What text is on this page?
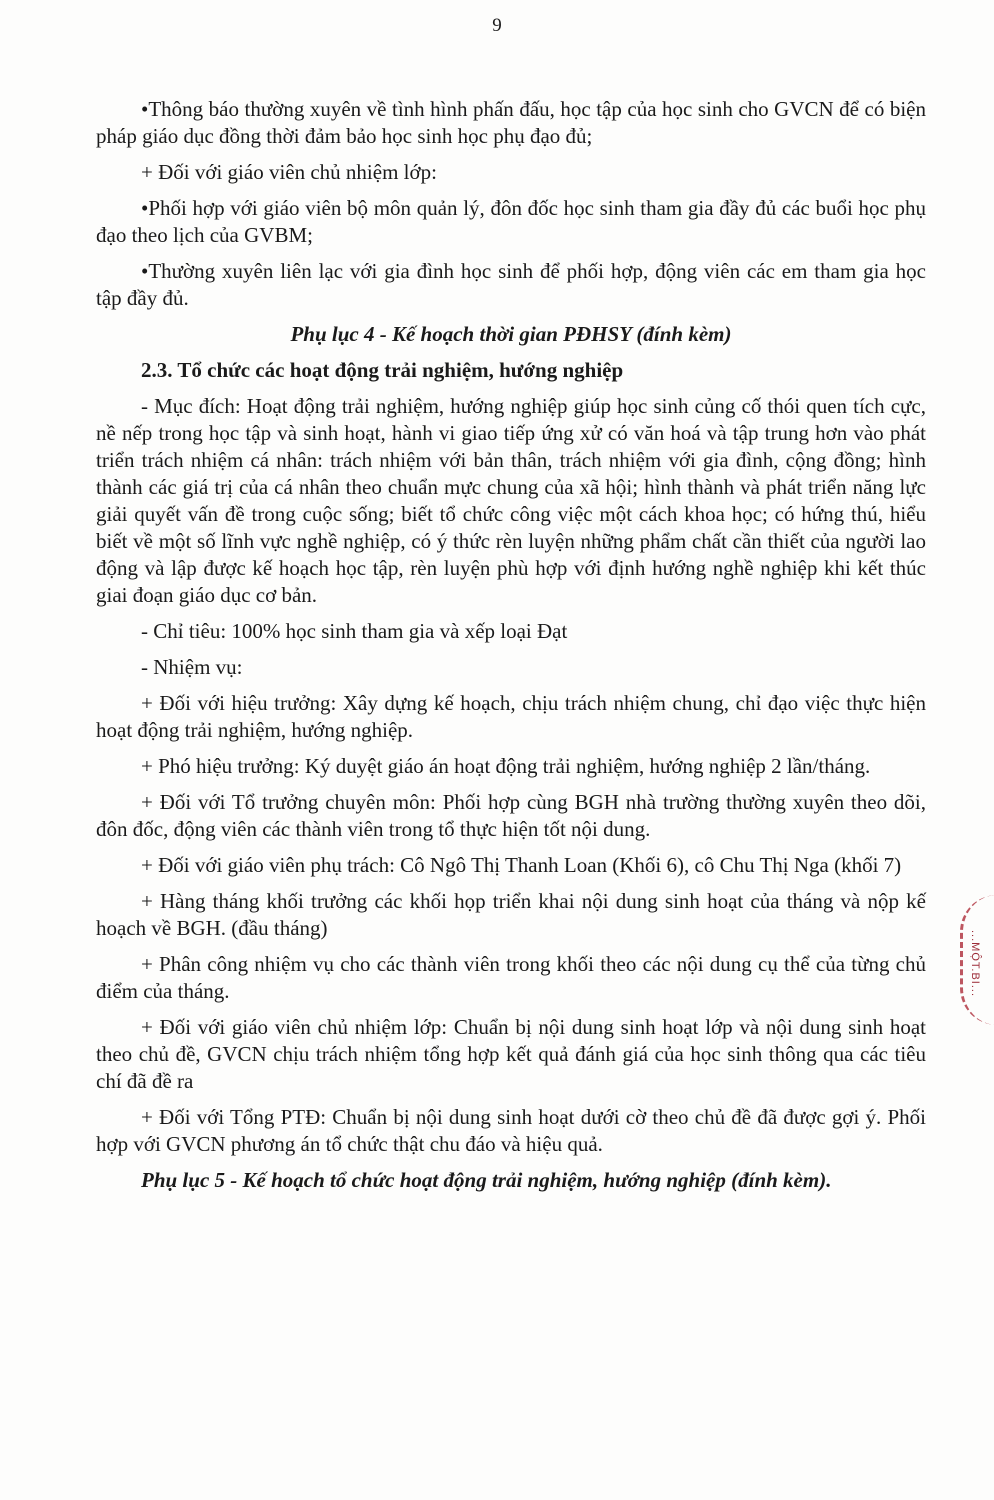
9

•Thông báo thường xuyên về tình hình phấn đấu, học tập của học sinh cho GVCN để có biện pháp giáo dục đồng thời đảm bảo học sinh học phụ đạo đủ;

+ Đối với giáo viên chủ nhiệm lớp:

•Phối hợp với giáo viên bộ môn quản lý, đôn đốc học sinh tham gia đầy đủ các buổi học phụ đạo theo lịch của GVBM;

•Thường xuyên liên lạc với gia đình học sinh để phối hợp, động viên các em tham gia học tập đầy đủ.

Phụ lục 4 - Kế hoạch thời gian PĐHSY (đính kèm)

2.3. Tổ chức các hoạt động trải nghiệm, hướng nghiệp

- Mục đích: Hoạt động trải nghiệm, hướng nghiệp giúp học sinh củng cố thói quen tích cực, nề nếp trong học tập và sinh hoạt, hành vi giao tiếp ứng xử có văn hoá và tập trung hơn vào phát triển trách nhiệm cá nhân: trách nhiệm với bản thân, trách nhiệm với gia đình, cộng đồng; hình thành các giá trị của cá nhân theo chuẩn mực chung của xã hội; hình thành và phát triển năng lực giải quyết vấn đề trong cuộc sống; biết tổ chức công việc một cách khoa học; có hứng thú, hiểu biết về một số lĩnh vực nghề nghiệp, có ý thức rèn luyện những phẩm chất cần thiết của người lao động và lập được kế hoạch học tập, rèn luyện phù hợp với định hướng nghề nghiệp khi kết thúc giai đoạn giáo dục cơ bản.

- Chỉ tiêu: 100% học sinh tham gia và xếp loại Đạt

- Nhiệm vụ:

+ Đối với hiệu trưởng: Xây dựng kế hoạch, chịu trách nhiệm chung, chỉ đạo việc thực hiện hoạt động trải nghiệm, hướng nghiệp.

+ Phó hiệu trưởng: Ký duyệt giáo án hoạt động trải nghiệm, hướng nghiệp 2 lần/tháng.

+ Đối với Tổ trưởng chuyên môn: Phối hợp cùng BGH nhà trường thường xuyên theo dõi, đôn đốc, động viên các thành viên trong tổ thực hiện tốt nội dung.

+ Đối với giáo viên phụ trách: Cô Ngô Thị Thanh Loan (Khối 6), cô Chu Thị Nga (khối 7)

+ Hàng tháng khối trưởng các khối họp triển khai nội dung sinh hoạt của tháng và nộp kế hoạch về BGH. (đầu tháng)

+ Phân công nhiệm vụ cho các thành viên trong khối theo các nội dung cụ thể của từng chủ điểm của tháng.

+ Đối với giáo viên chủ nhiệm lớp: Chuẩn bị nội dung sinh hoạt lớp và nội dung sinh hoạt theo chủ đề, GVCN chịu trách nhiệm tổng hợp kết quả đánh giá của học sinh thông qua các tiêu chí đã đề ra

+ Đối với Tổng PTĐ: Chuẩn bị nội dung sinh hoạt dưới cờ theo chủ đề đã được gợi ý. Phối hợp với GVCN phương án tổ chức thật chu đáo và hiệu quả.

Phụ lục 5 - Kế hoạch tổ chức hoạt động trải nghiệm, hướng nghiệp (đính kèm).

...MỘT.BI...
